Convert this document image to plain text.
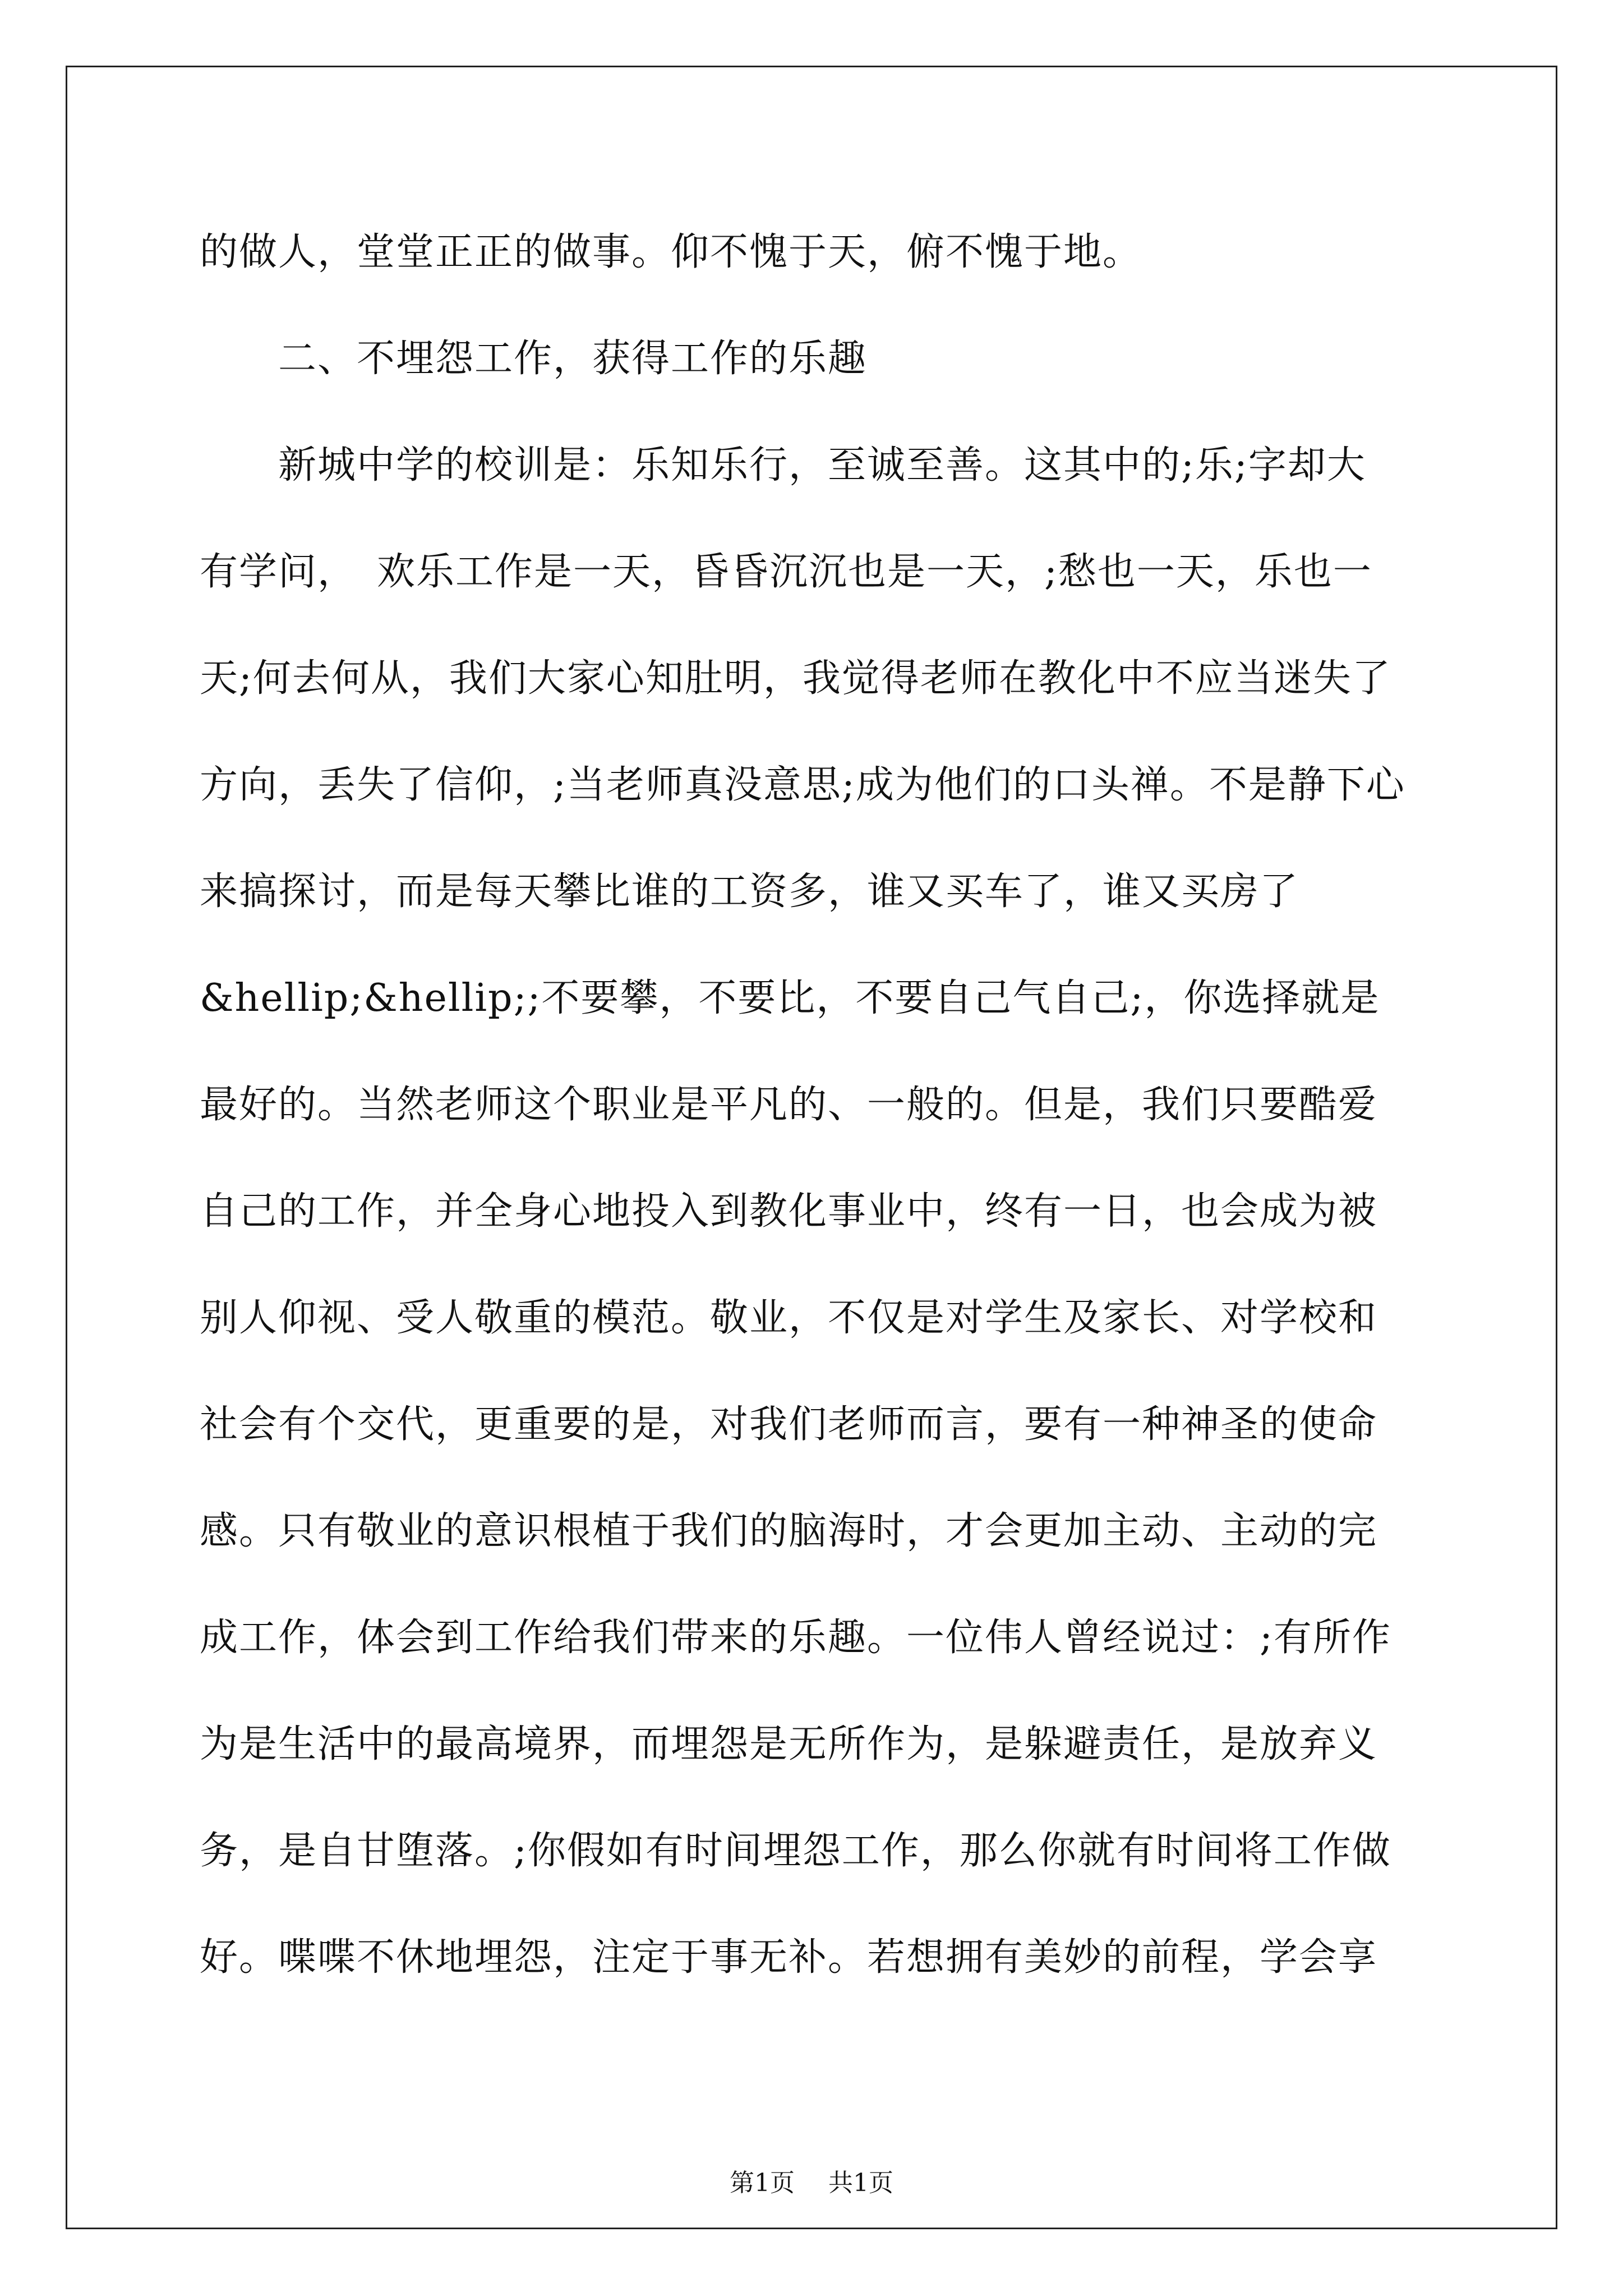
的做人，堂堂正正的做事。仰不愧于天，俯不愧于地。
　　二、不埋怨工作，获得工作的乐趣
　　新城中学的校训是：乐知乐行，至诚至善。这其中的;乐;字却大
有学问，　欢乐工作是一天，昏昏沉沉也是一天，;愁也一天，乐也一
天;何去何从，我们大家心知肚明，我觉得老师在教化中不应当迷失了
方向，丢失了信仰，;当老师真没意思;成为他们的口头禅。不是静下心
来搞探讨，而是每天攀比谁的工资多，谁又买车了，谁又买房了
&hellip;&hellip;;不要攀，不要比，不要自己气自己;，你选择就是
最好的。当然老师这个职业是平凡的、一般的。但是，我们只要酷爱
自己的工作，并全身心地投入到教化事业中，终有一日，也会成为被
别人仰视、受人敬重的模范。敬业，不仅是对学生及家长、对学校和
社会有个交代，更重要的是，对我们老师而言，要有一种神圣的使命
感。只有敬业的意识根植于我们的脑海时，才会更加主动、主动的完
成工作，体会到工作给我们带来的乐趣。一位伟人曾经说过：;有所作
为是生活中的最高境界，而埋怨是无所作为，是躲避责任，是放弃义
务，是自甘堕落。;你假如有时间埋怨工作，那么你就有时间将工作做
好。喋喋不休地埋怨，注定于事无补。若想拥有美妙的前程，学会享
第1页 共1页
